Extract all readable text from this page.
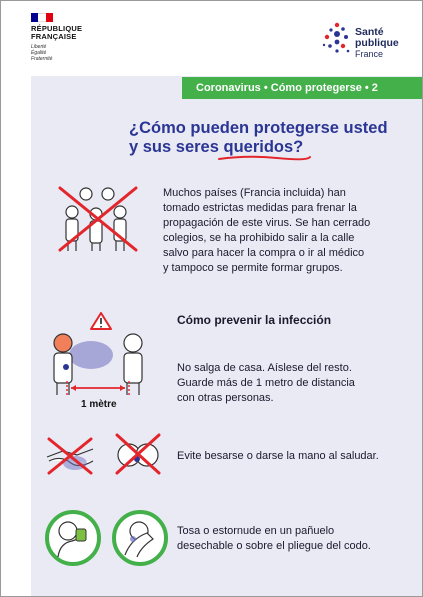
RÉPUBLIQUE
FRANÇAISE
Liberté
Égalité
Fraternité
Santé
publique
France
Coronavirus • Cómo protegerse • 2
¿Cómo pueden protegerse usted
y sus seres queridos?
Muchos países (Francia incluida) han
tomado estrictas medidas para frenar la
propagación de este virus. Se han cerrado
colegios, se ha prohibido salir a la calle
salvo para hacer la compra o ir al médico
y tampoco se permite formar grupos.
Cómo prevenir la infección
1 mètre
No salga de casa. Aíslese del resto.
Guarde más de 1 metro de distancia
con otras personas.
Evite besarse o darse la mano al saludar.
Tosa o estornude en un pañuelo
desechable o sobre el pliegue del codo.
